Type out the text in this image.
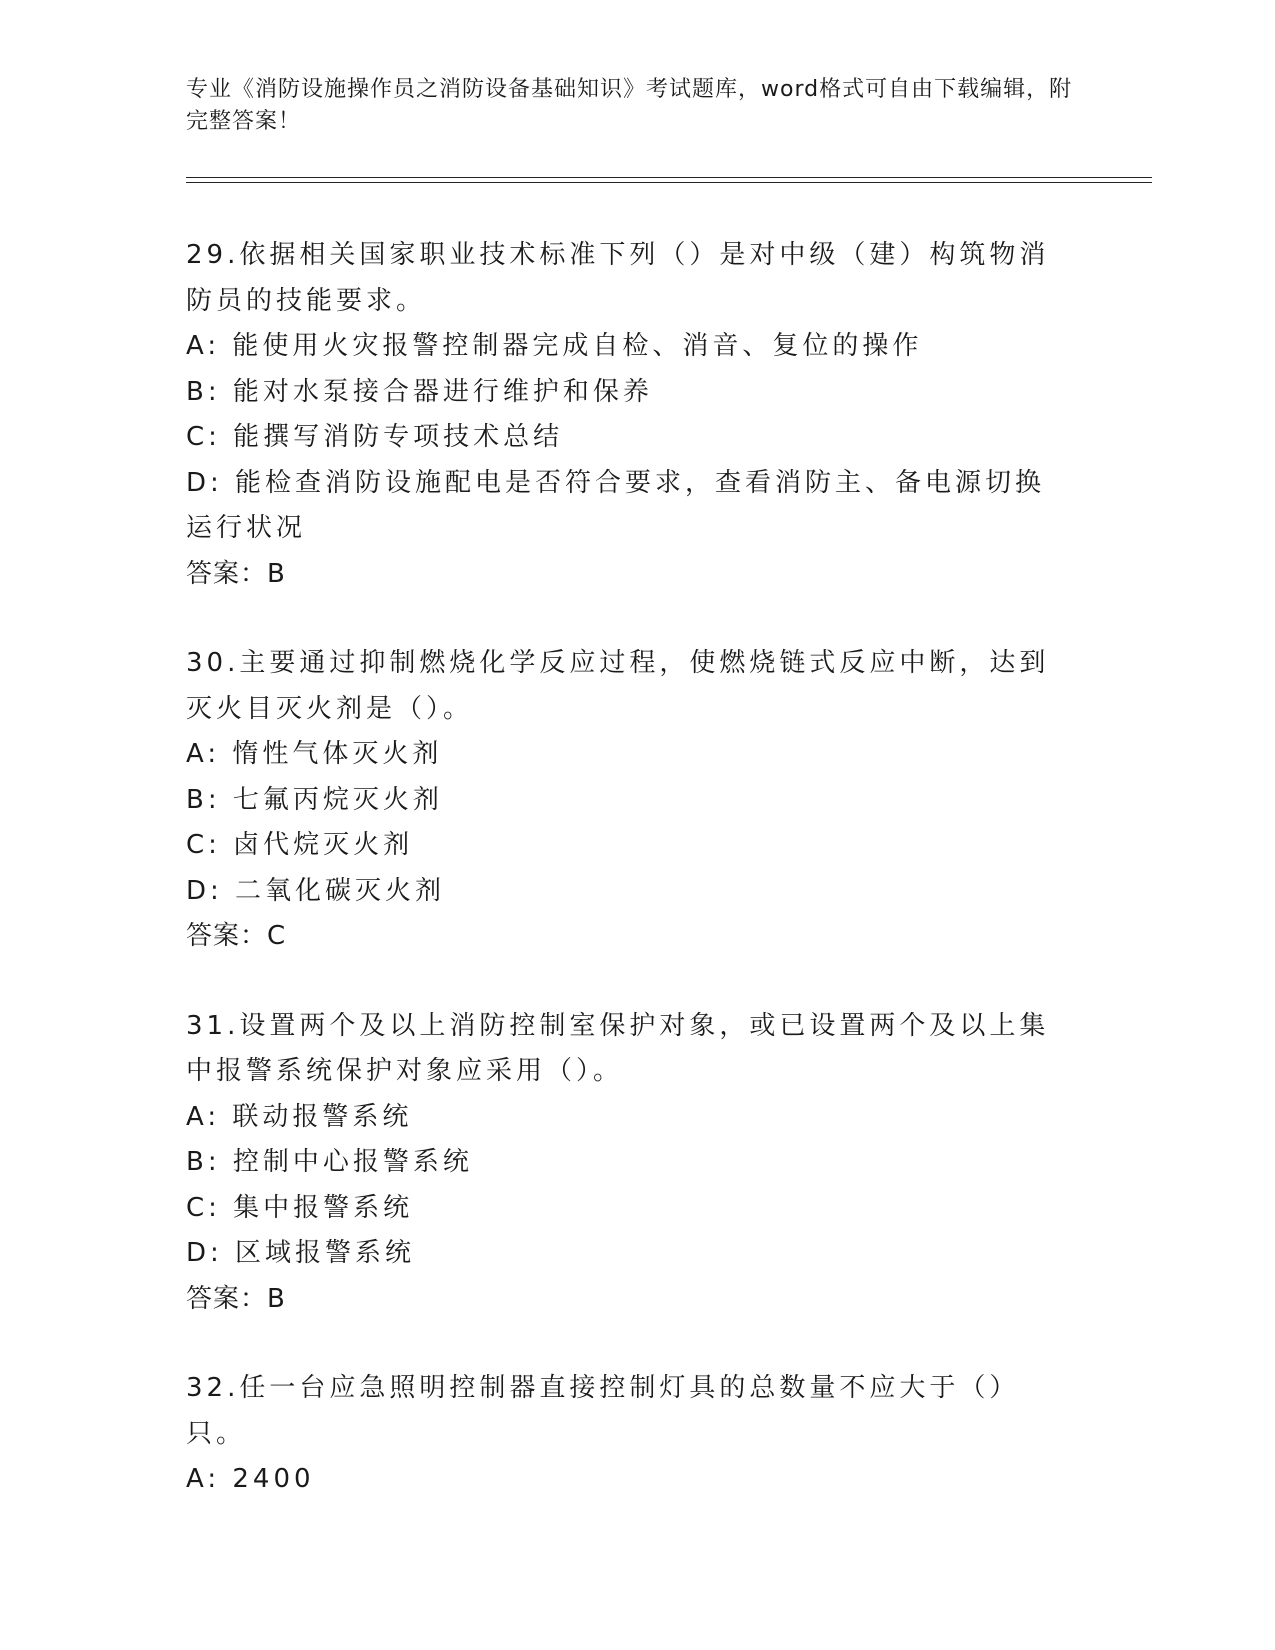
专业《消防设施操作员之消防设备基础知识》考试题库，word格式可自由下载编辑，附完整答案！

29.依据相关国家职业技术标准下列（）是对中级（建）构筑物消防员的技能要求。

A: 能使用火灾报警控制器完成自检、消音、复位的操作

B: 能对水泵接合器进行维护和保养

C: 能撰写消防专项技术总结

D: 能检查消防设施配电是否符合要求，查看消防主、备电源切换运行状况

答案：B

30.主要通过抑制燃烧化学反应过程，使燃烧链式反应中断，达到灭火目灭火剂是（）。

A: 惰性气体灭火剂

B: 七氟丙烷灭火剂

C: 卤代烷灭火剂

D: 二氧化碳灭火剂

答案：C

31.设置两个及以上消防控制室保护对象，或已设置两个及以上集中报警系统保护对象应采用（）。

A: 联动报警系统

B: 控制中心报警系统

C: 集中报警系统

D: 区域报警系统

答案：B

32.任一台应急照明控制器直接控制灯具的总数量不应大于（）只。

A: 2400
